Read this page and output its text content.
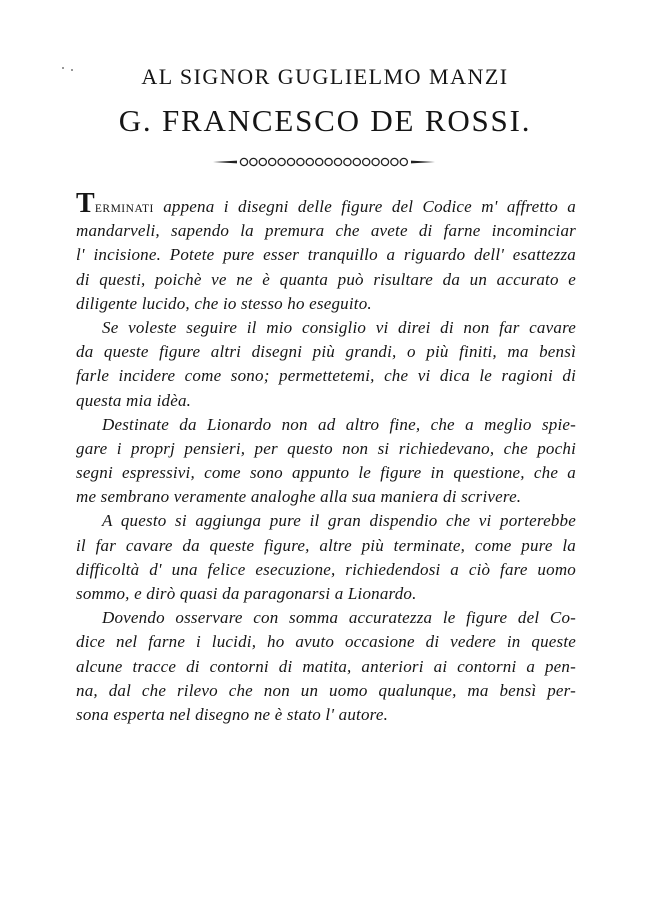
AL SIGNOR GUGLIELMO MANZI
G. FRANCESCO DE ROSSI.
TERMINATI appena i disegni delle figure del Codice m' affretto a
mandarveli, sapendo la premura che avete di farne incominciar
l' incisione. Potete pure esser tranquillo a riguardo dell' esattezza
di questi, poichè ve ne è quanta può risultare da un accurato e
diligente lucido, che io stesso ho eseguito.
Se voleste seguire il mio consiglio vi direi di non far cavare
da queste figure altri disegni più grandi, o più finiti, ma bensì
farle incidere come sono; permettetemi, che vi dica le ragioni di
questa mia idèa.
Destinate da Lionardo non ad altro fine, che a meglio spie-
gare i proprj pensieri, per questo non si richiedevano, che pochi
segni espressivi, come sono appunto le figure in questione, che a
me sembrano veramente analoghe alla sua maniera di scrivere.
A questo si aggiunga pure il gran dispendio che vi porterebbe
il far cavare da queste figure, altre più terminate, come pure la
difficoltà d' una felice esecuzione, richiedendosi a ciò fare uomo
sommo, e dirò quasi da paragonarsi a Lionardo.
Dovendo osservare con somma accuratezza le figure del Co-
dice nel farne i lucidi, ho avuto occasione di vedere in queste
alcune tracce di contorni di matita, anteriori ai contorni a pen-
na, dal che rilevo che non un uomo qualunque, ma bensì per-
sona esperta nel disegno ne è stato l' autore.
